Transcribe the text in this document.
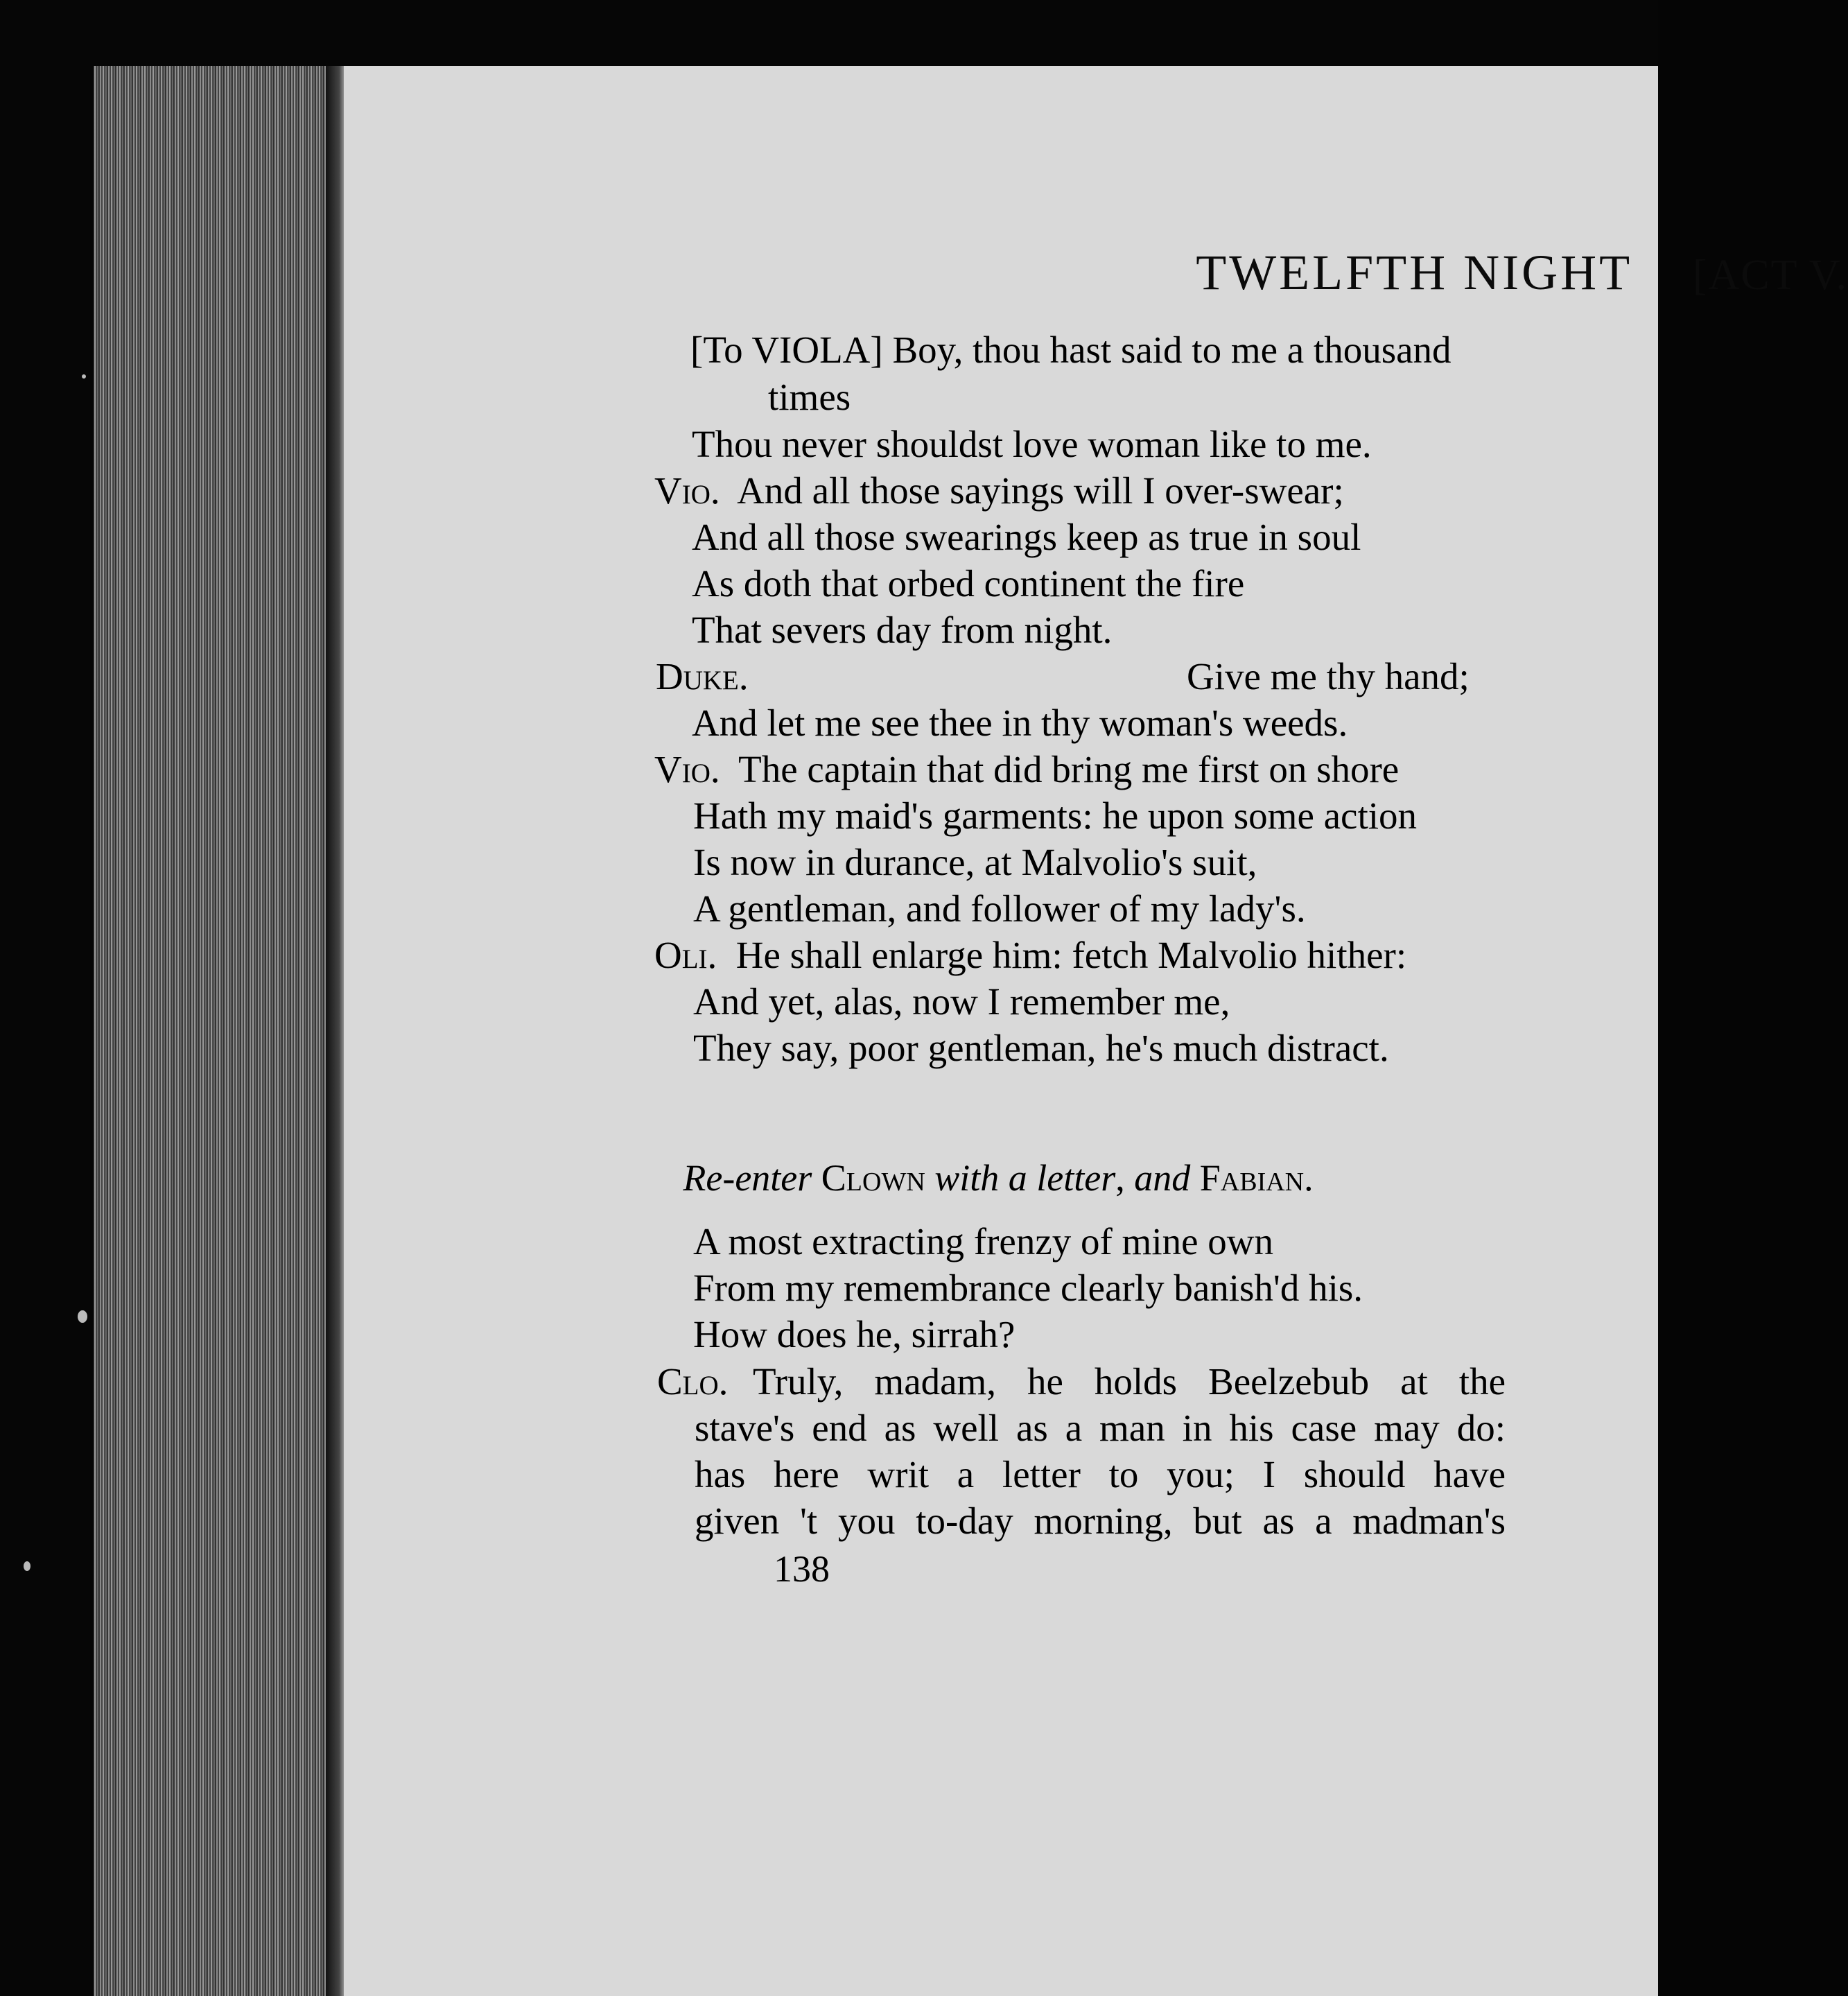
TWELFTH NIGHT [ACT V.
[To VIOLA] Boy, thou hast said to me a thousand
times
Thou never shouldst love woman like to me.
Vio. And all those sayings will I over-swear;
And all those swearings keep as true in soul
As doth that orbed continent the fire
That severs day from night.
Duke.	Give me thy hand;
And let me see thee in thy woman's weeds.
Vio. The captain that did bring me first on shore
Hath my maid's garments: he upon some action
Is now in durance, at Malvolio's suit,
A gentleman, and follower of my lady's.
Oli. He shall enlarge him: fetch Malvolio hither:
And yet, alas, now I remember me,
They say, poor gentleman, he's much distract.
Re-enter Clown with a letter, and Fabian.
A most extracting frenzy of mine own
From my remembrance clearly banish'd his.
How does he, sirrah?
Clo. Truly, madam, he holds Beelzebub at the
stave's end as well as a man in his case may do:
has here writ a letter to you; I should have
given 't you to-day morning, but as a madman's
138
